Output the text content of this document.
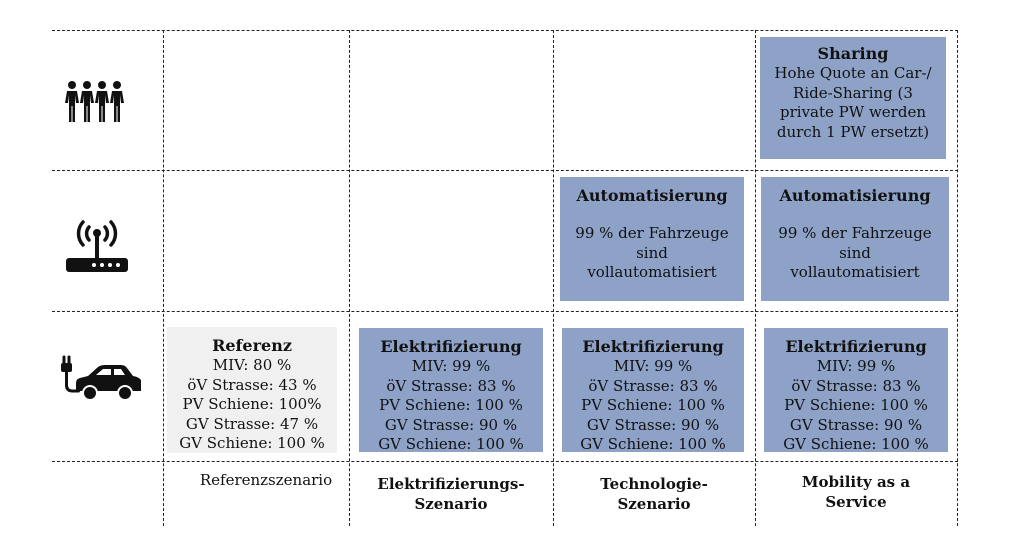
Sharing
Hohe Quote an Car-/
Ride-Sharing (3
private PW werden
durch 1 PW ersetzt)
Automatisierung
99 % der Fahrzeuge
sind
vollautomatisiert
Automatisierung
99 % der Fahrzeuge
sind
vollautomatisiert
Referenz
MIV: 80 %
öV Strasse: 43 %
PV Schiene: 100%
GV Strasse: 47 %
GV Schiene: 100 %
Elektrifizierung
MIV: 99 %
öV Strasse: 83 %
PV Schiene: 100 %
GV Strasse: 90 %
GV Schiene: 100 %
Elektrifizierung
MIV: 99 %
öV Strasse: 83 %
PV Schiene: 100 %
GV Strasse: 90 %
GV Schiene: 100 %
Elektrifizierung
MIV: 99 %
öV Strasse: 83 %
PV Schiene: 100 %
GV Strasse: 90 %
GV Schiene: 100 %
Referenzszenario	Elektrifizierungs-
Szenario
Technologie-
Szenario
Mobility as a
Service
